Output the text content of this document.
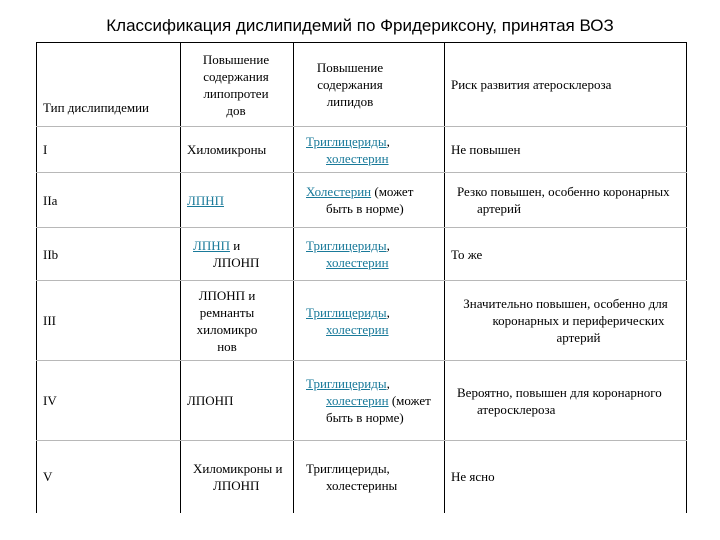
Классификация дислипидемий по Фридериксону, принятая ВОЗ
Тип дислипидемии	Повышение содержания липопротеи дов	Повышение содержания липидов	Риск развития атеросклероза
I	Хиломикроны	Триглицериды, холестерин	Не повышен
IIa	ЛПНП	Холестерин (может быть в норме)	Резко повышен, особенно коронарных артерий

IIb	ЛПНП и ЛПОНП	Триглицериды, холестерин	То же
III	ЛПОНП и ремнанты хиломикро нов	Триглицериды, холестерин	Значительно повышен, особенно для коронарных и периферических артерий

IV	ЛПОНП	Триглицериды, холестерин (может быть в норме)	Вероятно, повышен для коронарного атеросклероза

V	Хиломикроны и ЛПОНП	Триглицериды, холестерины	Не ясно
